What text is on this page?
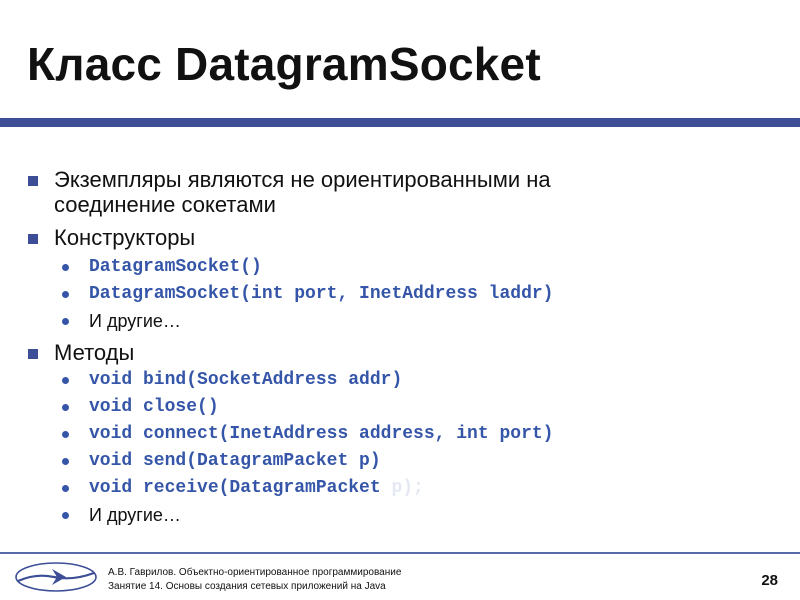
Класс DatagramSocket
Экземпляры являются не ориентированными на
соединение сокетами
Конструкторы
DatagramSocket()
DatagramSocket(int port, InetAddress laddr)
И другие…
Методы
void bind(SocketAddress addr)
void close()
void connect(InetAddress address, int port)
void send(DatagramPacket p)
void receive(DatagramPacket p);
И другие…
А.В. Гаврилов. Объектно-ориентированное программирование
Занятие 14. Основы создания сетевых приложений на Java	28
